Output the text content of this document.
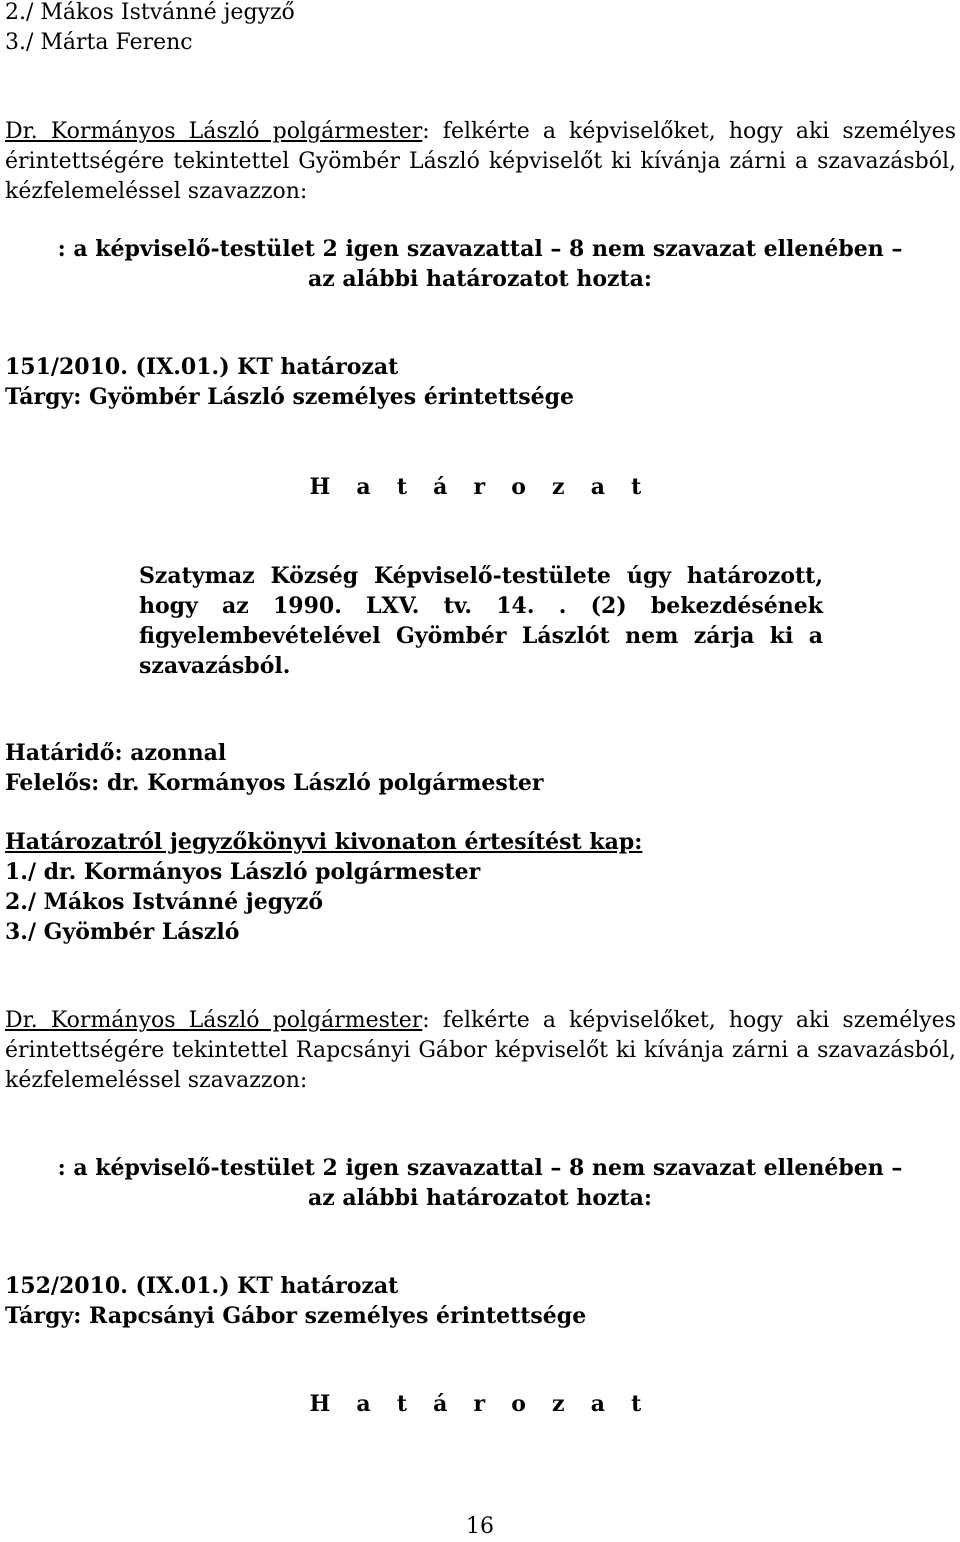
2./ Mákos Istvánné jegyző
3./ Márta Ferenc
Dr. Kormányos László polgármester: felkérte a képviselőket, hogy aki személyes érintettségére tekintettel Gyömbér László képviselőt ki kívánja zárni a szavazásból, kézfelemeléssel szavazzon:
: a képviselő-testület 2 igen szavazattal – 8 nem szavazat ellenében –
az alábbi határozatot hozta:
151/2010. (IX.01.) KT határozat
Tárgy: Gyömbér László személyes érintettsége
H a t á r o z a t
Szatymaz Község Képviselő-testülete úgy határozott, hogy az 1990. LXV. tv. 14. . (2) bekezdésének figyelembevételével Gyömbér Lászlót nem zárja ki a szavazásból.
Határidő: azonnal
Felelős: dr. Kormányos László polgármester
Határozatról jegyzőkönyvi kivonaton értesítést kap:
1./ dr. Kormányos László polgármester
2./ Mákos Istvánné jegyző
3./ Gyömbér László
Dr. Kormányos László polgármester: felkérte a képviselőket, hogy aki személyes érintettségére tekintettel Rapcsányi Gábor képviselőt ki kívánja zárni a szavazásból, kézfelemeléssel szavazzon:
: a képviselő-testület 2 igen szavazattal – 8 nem szavazat ellenében –
az alábbi határozatot hozta:
152/2010. (IX.01.) KT határozat
Tárgy: Rapcsányi Gábor személyes érintettsége
H a t á r o z a t
16
